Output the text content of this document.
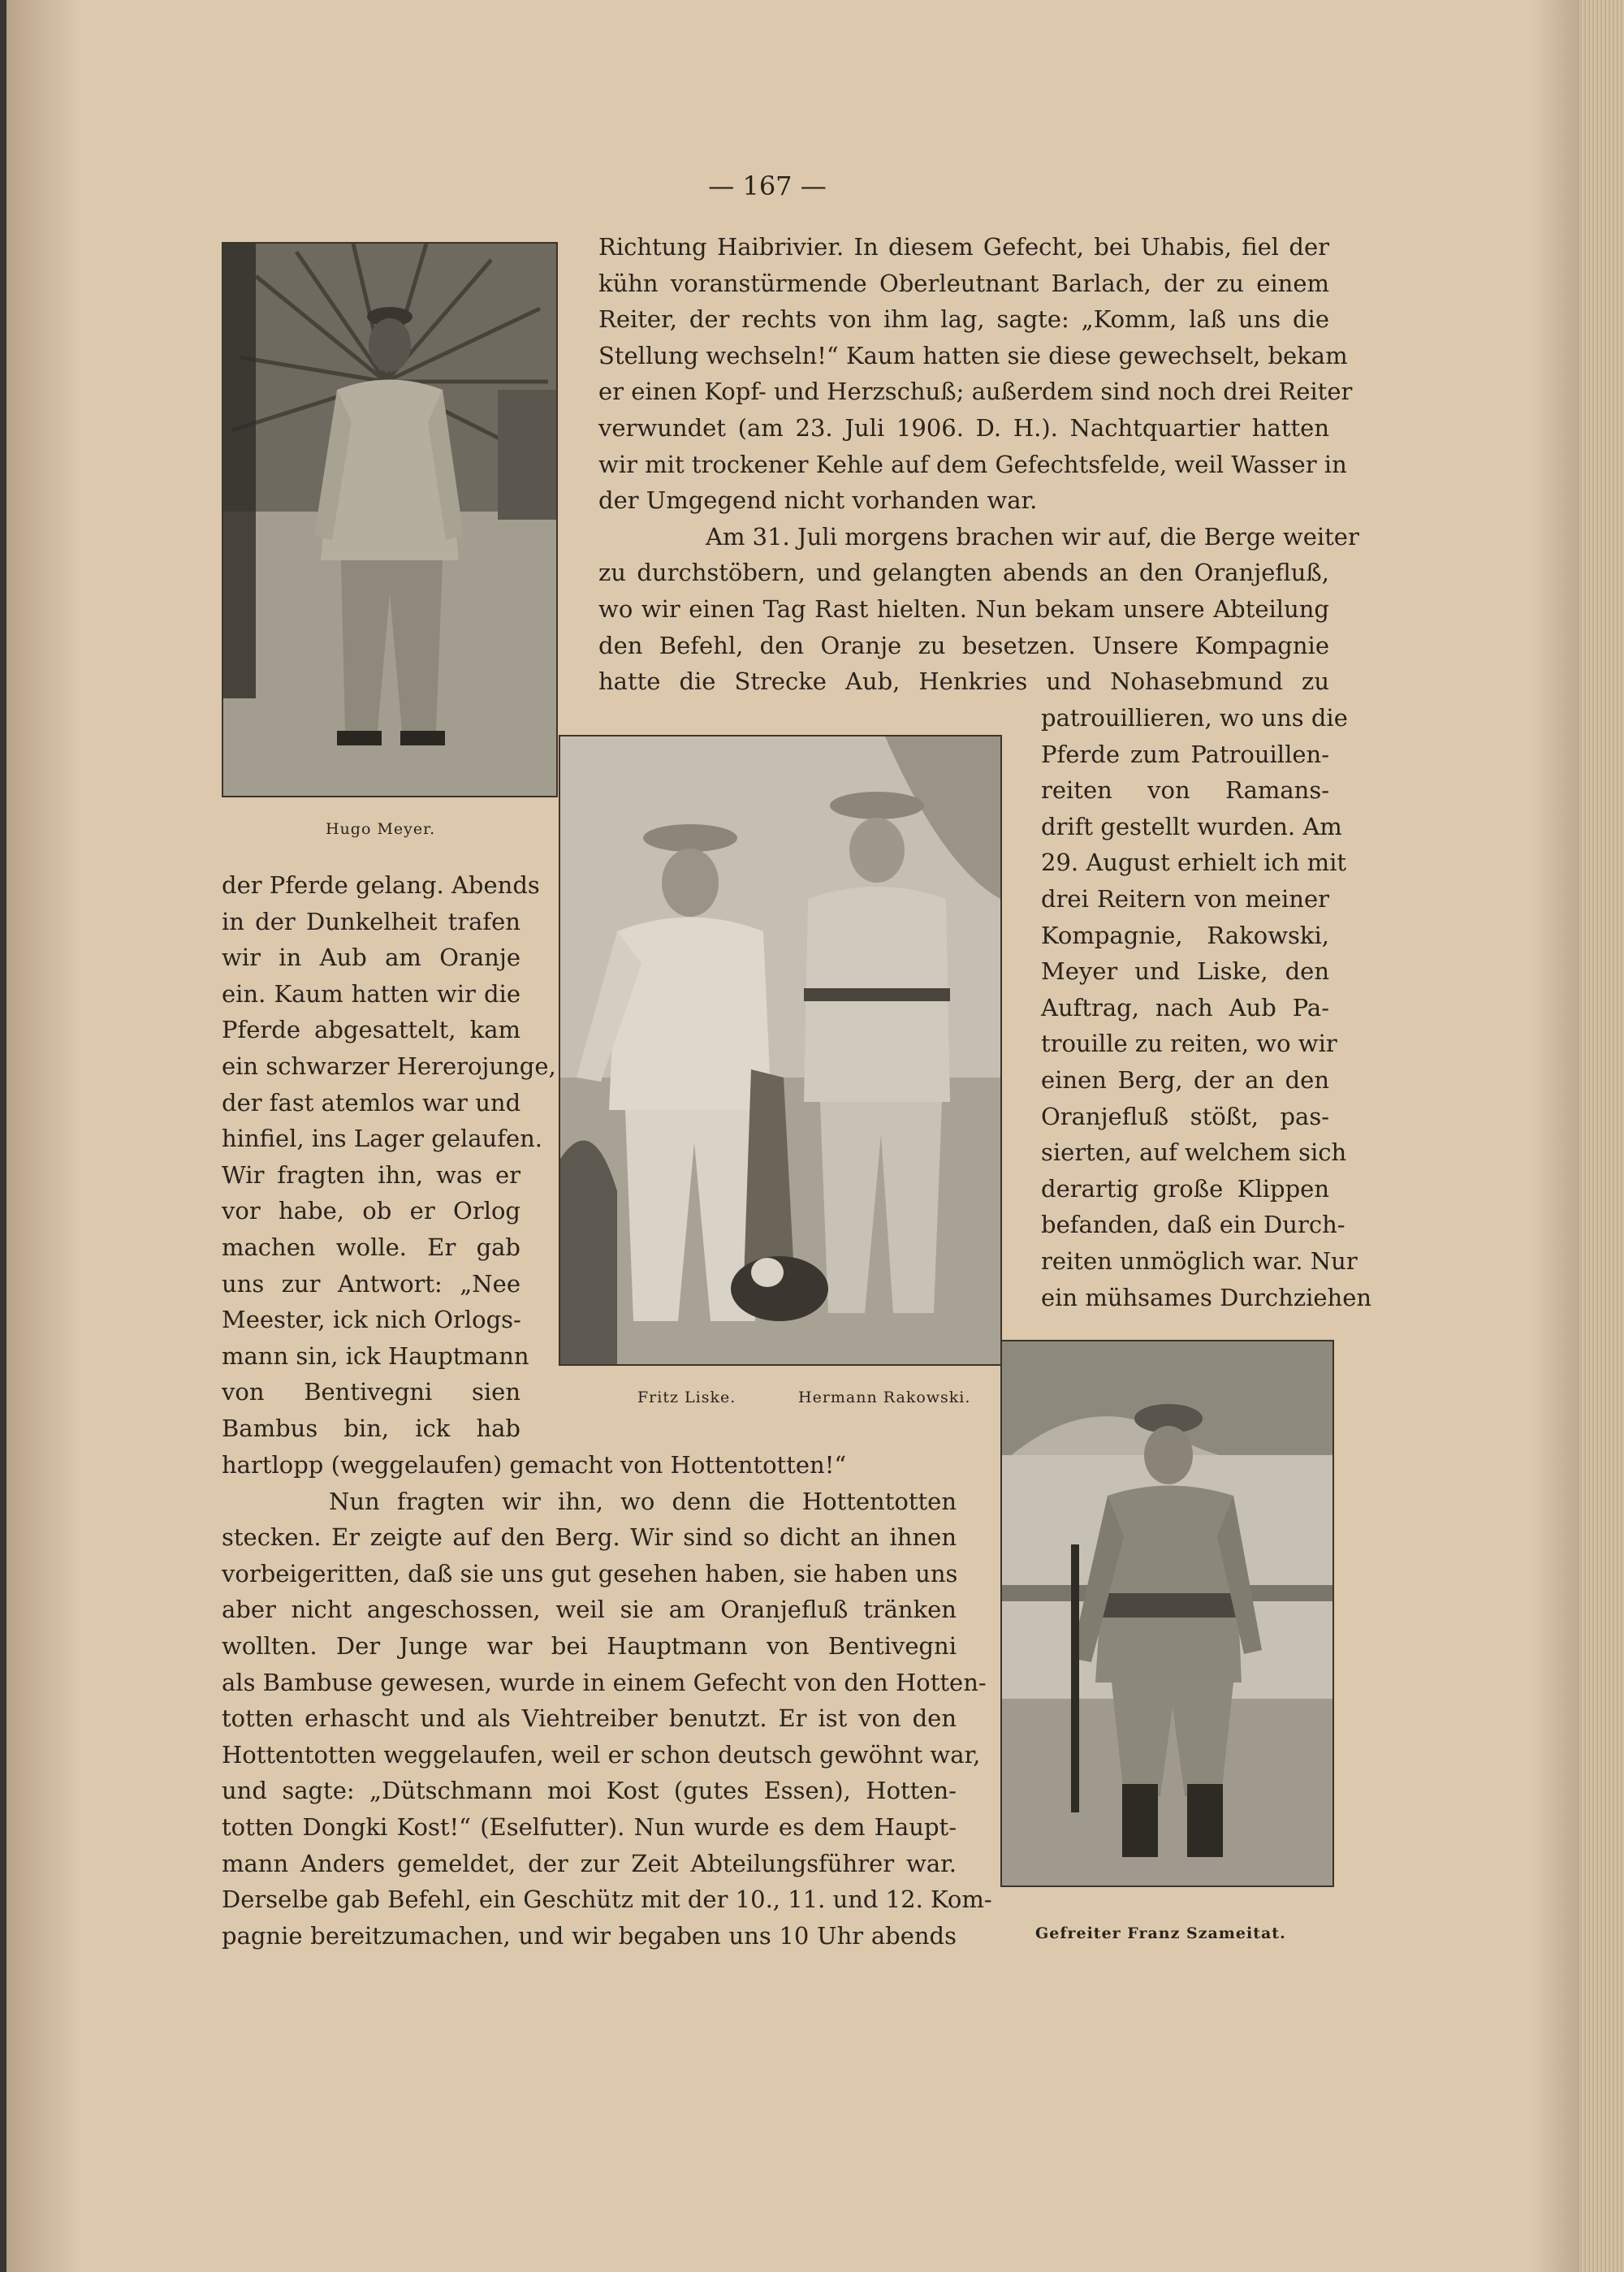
— 167 —
Hugo Meyer.
Fritz Liske.	Hermann Rakowski.
Gefreiter Franz Szameitat.

Richtung Haibrivier. In diesem Gefecht, bei Uhabis, fiel der

kühn voranstürmende Oberleutnant Barlach, der zu einem

Reiter, der rechts von ihm lag, sagte: „Komm, laß uns die

Stellung wechseln!“ Kaum hatten sie diese gewechselt, bekam

er einen Kopf- und Herzschuß; außerdem sind noch drei Reiter

verwundet (am 23. Juli 1906. D. H.). Nachtquartier hatten

wir mit trockener Kehle auf dem Gefechtsfelde, weil Wasser in

der Umgegend nicht vorhanden war.

Am 31. Juli morgens brachen wir auf, die Berge weiter

zu durchstöbern, und gelangten abends an den Oranjefluß,

wo wir einen Tag Rast hielten. Nun bekam unsere Abteilung

den Befehl, den Oranje zu besetzen. Unsere Kompagnie

hatte die Strecke Aub, Henkries und Nohasebmund zu

patrouillieren, wo uns die

Pferde zum Patrouillen-

reiten von Ramans-

drift gestellt wurden. Am

29. August erhielt ich mit

drei Reitern von meiner

Kompagnie, Rakowski,

Meyer und Liske, den

Auftrag, nach Aub Pa-

trouille zu reiten, wo wir

einen Berg, der an den

Oranjefluß stößt, pas-

sierten, auf welchem sich

derartig große Klippen

befanden, daß ein Durch-

reiten unmöglich war. Nur

ein mühsames Durchziehen

der Pferde gelang. Abends

in der Dunkelheit trafen

wir in Aub am Oranje

ein. Kaum hatten wir die

Pferde abgesattelt, kam

ein schwarzer Hererojunge,

der fast atemlos war und

hinfiel, ins Lager gelaufen.

Wir fragten ihn, was er

vor habe, ob er Orlog

machen wolle. Er gab

uns zur Antwort: „Nee

Meester, ick nich Orlogs-

mann sin, ick Hauptmann

von Bentivegni sien

Bambus bin, ick hab

hartlopp (weggelaufen) gemacht von Hottentotten!“

Nun fragten wir ihn, wo denn die Hottentotten

stecken. Er zeigte auf den Berg. Wir sind so dicht an ihnen

vorbeigeritten, daß sie uns gut gesehen haben, sie haben uns

aber nicht angeschossen, weil sie am Oranjefluß tränken

wollten. Der Junge war bei Hauptmann von Bentivegni

als Bambuse gewesen, wurde in einem Gefecht von den Hotten-

totten erhascht und als Viehtreiber benutzt. Er ist von den

Hottentotten weggelaufen, weil er schon deutsch gewöhnt war,

und sagte: „Dütschmann moi Kost (gutes Essen), Hotten-

totten Dongki Kost!“ (Eselfutter). Nun wurde es dem Haupt-

mann Anders gemeldet, der zur Zeit Abteilungsführer war.

Derselbe gab Befehl, ein Geschütz mit der 10., 11. und 12. Kom-

pagnie bereitzumachen, und wir begaben uns 10 Uhr abends
